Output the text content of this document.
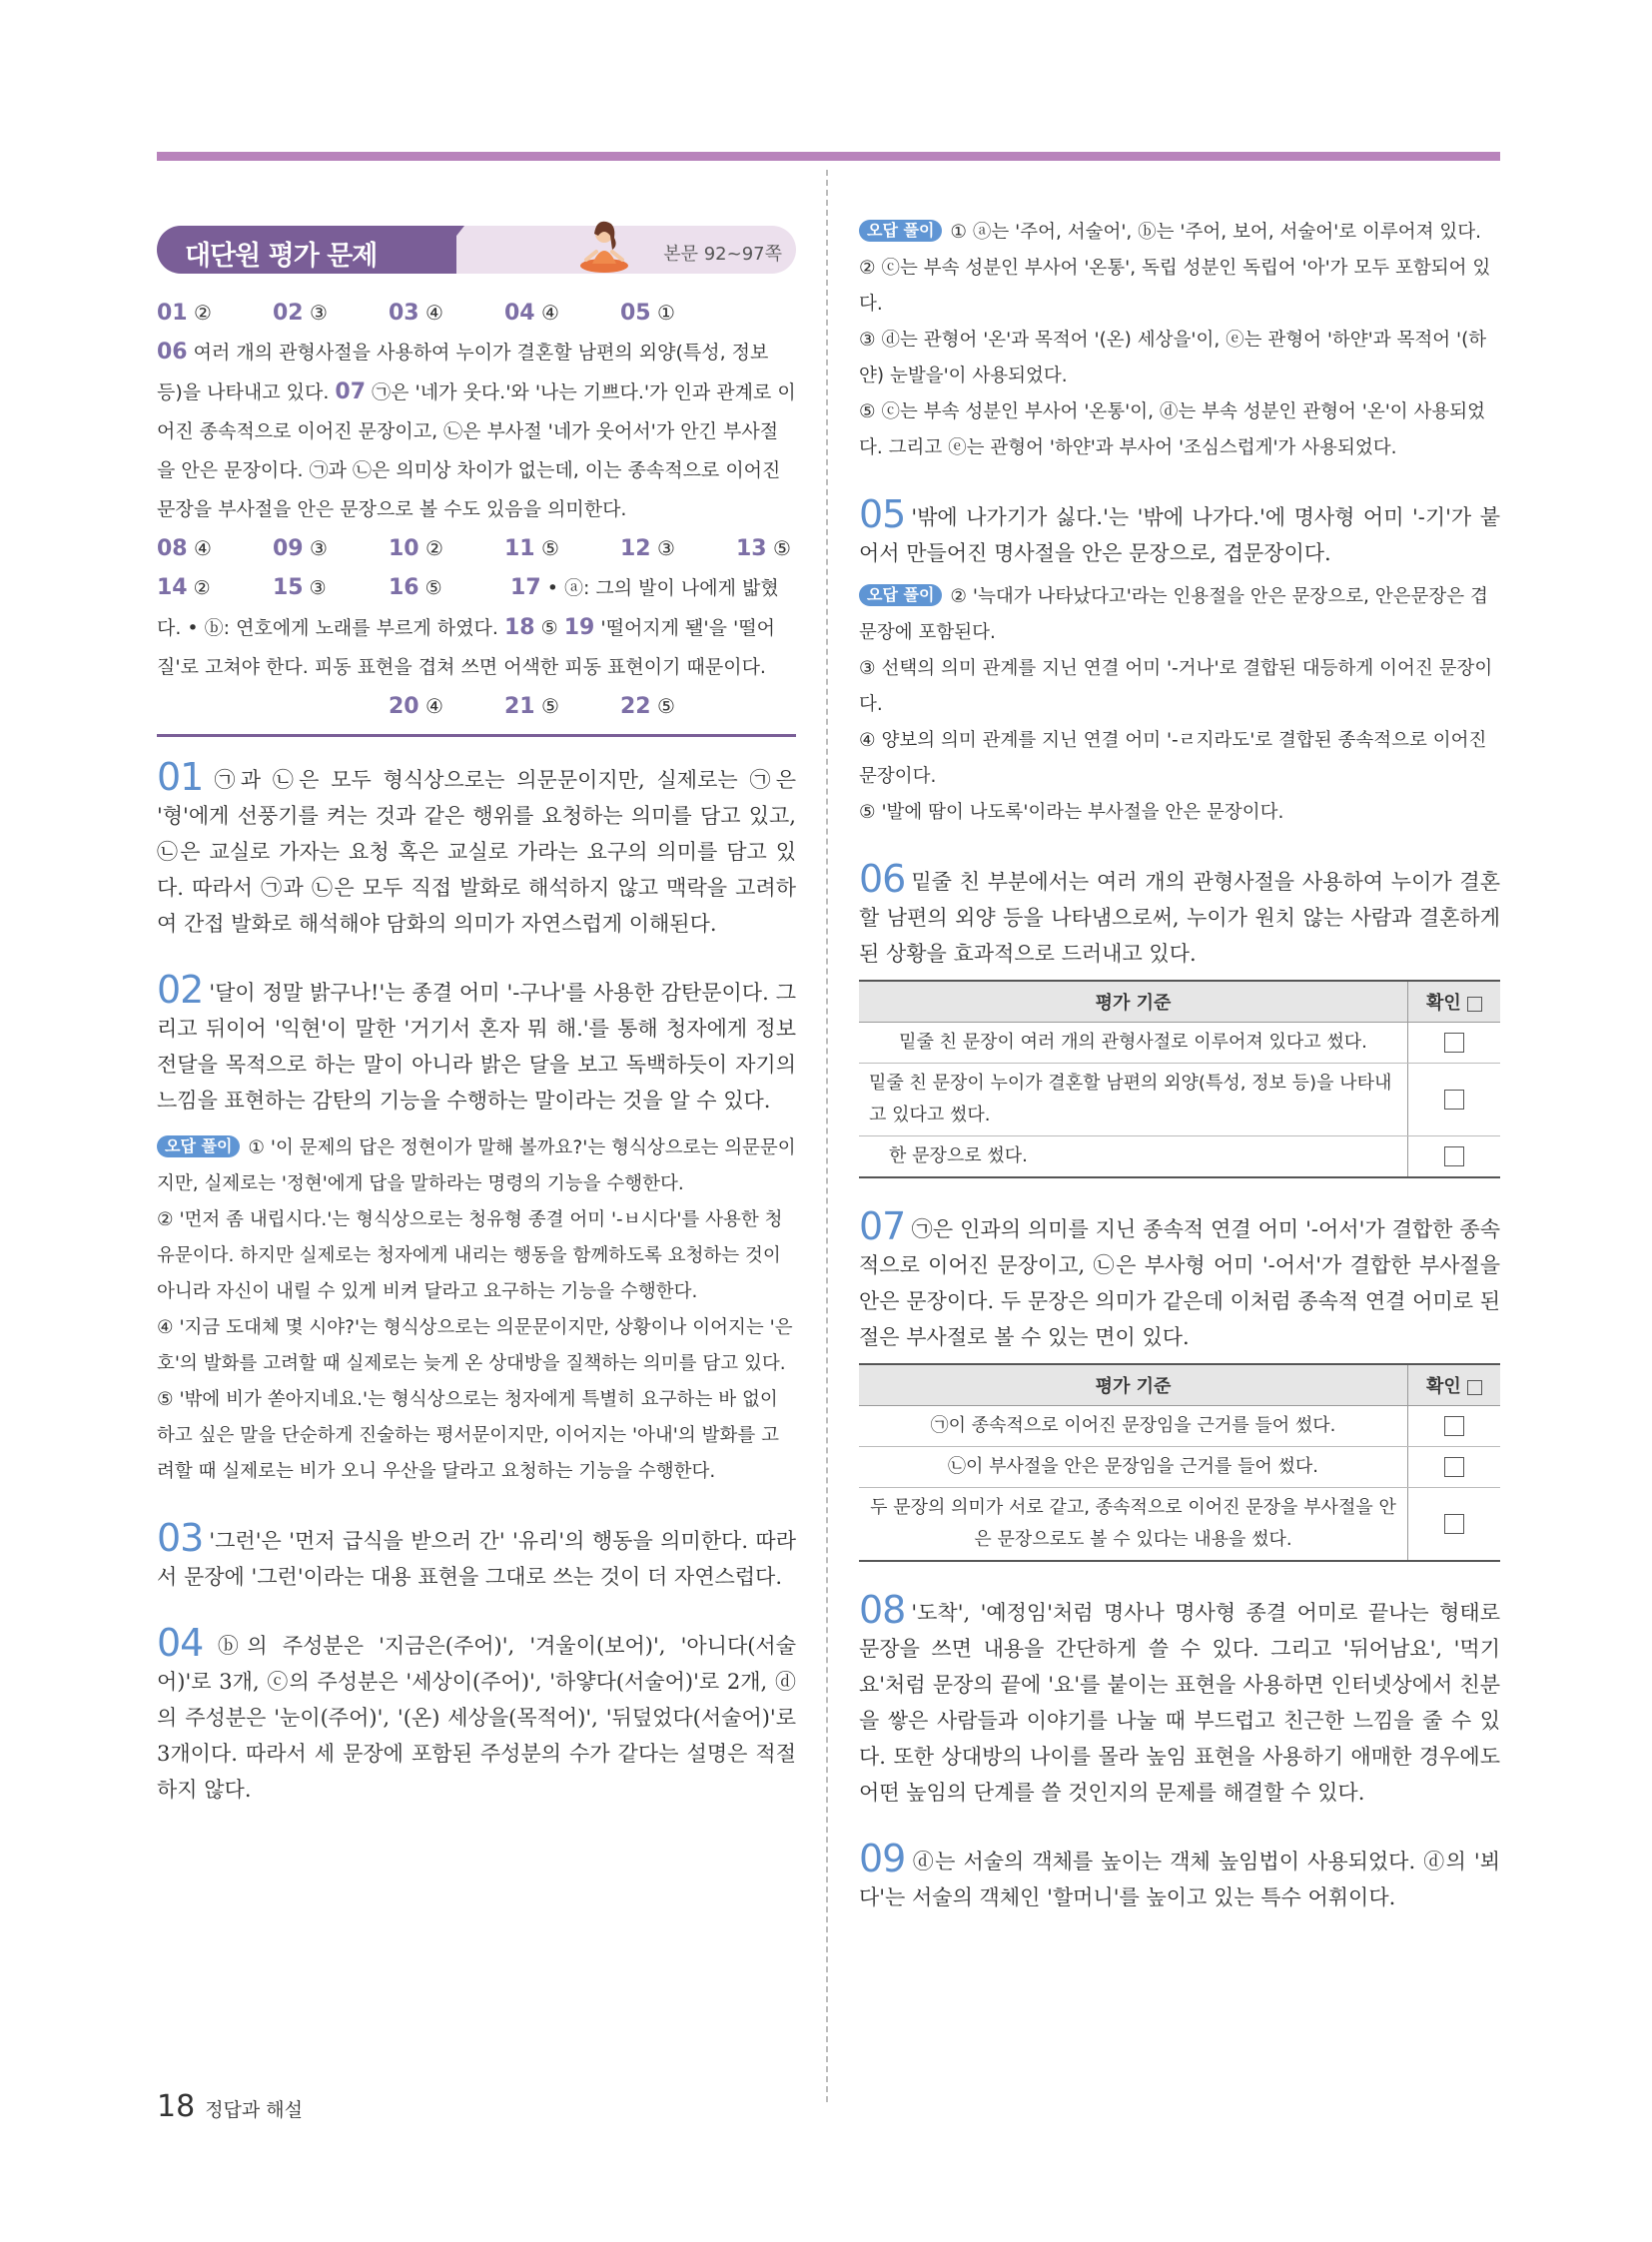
대단원 평가 문제	본문 92~97쪽
01 ②	02 ③	03 ④	04 ④	05 ①
06 여러 개의 관형사절을 사용하여 누이가 결혼할 남편의 외양(특성, 정보 등)을 나타내고 있다. 07 ㉠은 '네가 웃다.'와 '나는 기쁘다.'가 인과 관계로 이어진 종속적으로 이어진 문장이고, ㉡은 부사절 '네가 웃어서'가 안긴 부사절을 안은 문장이다. ㉠과 ㉡은 의미상 차이가 없는데, 이는 종속적으로 이어진 문장을 부사절을 안은 문장으로 볼 수도 있음을 의미한다.
08 ④	09 ③	10 ②	11 ⑤	12 ③	13 ⑤
14 ②	15 ③	16 ⑤	17 • ⓐ: 그의 발이 나에게 밟혔다. • ⓑ: 연호에게 노래를 부르게 하였다. 18 ⑤ 19 '떨어지게 됄'을 '떨어질'로 고쳐야 한다. 피동 표현을 겹쳐 쓰면 어색한 피동 표현이기 때문이다.
20 ④	21 ⑤	22 ⑤

01 ㉠과 ㉡은 모두 형식상으로는 의문문이지만, 실제로는 ㉠은 '형'에게 선풍기를 켜는 것과 같은 행위를 요청하는 의미를 담고 있고, ㉡은 교실로 가자는 요청 혹은 교실로 가라는 요구의 의미를 담고 있다. 따라서 ㉠과 ㉡은 모두 직접 발화로 해석하지 않고 맥락을 고려하여 간접 발화로 해석해야 담화의 의미가 자연스럽게 이해된다.

02 '달이 정말 밝구나!'는 종결 어미 '-구나'를 사용한 감탄문이다. 그리고 뒤이어 '익현'이 말한 '거기서 혼자 뭐 해.'를 통해 청자에게 정보 전달을 목적으로 하는 말이 아니라 밝은 달을 보고 독백하듯이 자기의 느낌을 표현하는 감탄의 기능을 수행하는 말이라는 것을 알 수 있다.

오답 풀이 ① '이 문제의 답은 정현이가 말해 볼까요?'는 형식상으로는 의문문이지만, 실제로는 '정현'에게 답을 말하라는 명령의 기능을 수행한다.

② '먼저 좀 내립시다.'는 형식상으로는 청유형 종결 어미 '-ㅂ시다'를 사용한 청유문이다. 하지만 실제로는 청자에게 내리는 행동을 함께하도록 요청하는 것이 아니라 자신이 내릴 수 있게 비켜 달라고 요구하는 기능을 수행한다.

④ '지금 도대체 몇 시야?'는 형식상으로는 의문문이지만, 상황이나 이어지는 '은호'의 발화를 고려할 때 실제로는 늦게 온 상대방을 질책하는 의미를 담고 있다.

⑤ '밖에 비가 쏟아지네요.'는 형식상으로는 청자에게 특별히 요구하는 바 없이 하고 싶은 말을 단순하게 진술하는 평서문이지만, 이어지는 '아내'의 발화를 고려할 때 실제로는 비가 오니 우산을 달라고 요청하는 기능을 수행한다.

03 '그런'은 '먼저 급식을 받으러 간' '유리'의 행동을 의미한다. 따라서 문장에 '그런'이라는 대용 표현을 그대로 쓰는 것이 더 자연스럽다.

04 ⓑ의 주성분은 '지금은(주어)', '겨울이(보어)', '아니다(서술어)'로 3개, ⓒ의 주성분은 '세상이(주어)', '하얗다(서술어)'로 2개, ⓓ의 주성분은 '눈이(주어)', '(온) 세상을(목적어)', '뒤덮었다(서술어)'로 3개이다. 따라서 세 문장에 포함된 주성분의 수가 같다는 설명은 적절하지 않다.

오답 풀이 ① ⓐ는 '주어, 서술어', ⓑ는 '주어, 보어, 서술어'로 이루어져 있다.

② ⓒ는 부속 성분인 부사어 '온통', 독립 성분인 독립어 '아'가 모두 포함되어 있다.

③ ⓓ는 관형어 '온'과 목적어 '(온) 세상을'이, ⓔ는 관형어 '하얀'과 목적어 '(하얀) 눈발을'이 사용되었다.

⑤ ⓒ는 부속 성분인 부사어 '온통'이, ⓓ는 부속 성분인 관형어 '온'이 사용되었다. 그리고 ⓔ는 관형어 '하얀'과 부사어 '조심스럽게'가 사용되었다.

05 '밖에 나가기가 싫다.'는 '밖에 나가다.'에 명사형 어미 '-기'가 붙어서 만들어진 명사절을 안은 문장으로, 겹문장이다.

오답 풀이 ② '늑대가 나타났다고'라는 인용절을 안은 문장으로, 안은문장은 겹문장에 포함된다.

③ 선택의 의미 관계를 지닌 연결 어미 '-거나'로 결합된 대등하게 이어진 문장이다.

④ 양보의 의미 관계를 지닌 연결 어미 '-ㄹ지라도'로 결합된 종속적으로 이어진 문장이다.

⑤ '발에 땀이 나도록'이라는 부사절을 안은 문장이다.

06 밑줄 친 부분에서는 여러 개의 관형사절을 사용하여 누이가 결혼할 남편의 외양 등을 나타냄으로써, 누이가 원치 않는 사람과 결혼하게 된 상황을 효과적으로 드러내고 있다.

평가 기준	확인
밑줄 친 문장이 여러 개의 관형사절로 이루어져 있다고 썼다.	
밑줄 친 문장이 누이가 결혼할 남편의 외양(특성, 정보 등)을 나타내고 있다고 썼다.	
한 문장으로 썼다.	

07 ㉠은 인과의 의미를 지닌 종속적 연결 어미 '-어서'가 결합한 종속적으로 이어진 문장이고, ㉡은 부사형 어미 '-어서'가 결합한 부사절을 안은 문장이다. 두 문장은 의미가 같은데 이처럼 종속적 연결 어미로 된 절은 부사절로 볼 수 있는 면이 있다.

평가 기준	확인
㉠이 종속적으로 이어진 문장임을 근거를 들어 썼다.	
㉡이 부사절을 안은 문장임을 근거를 들어 썼다.	
두 문장의 의미가 서로 같고, 종속적으로 이어진 문장을 부사절을 안은 문장으로도 볼 수 있다는 내용을 썼다.	

08 '도착', '예정임'처럼 명사나 명사형 종결 어미로 끝나는 형태로 문장을 쓰면 내용을 간단하게 쓸 수 있다. 그리고 '뒤어남요', '먹기요'처럼 문장의 끝에 '요'를 붙이는 표현을 사용하면 인터넷상에서 친분을 쌓은 사람들과 이야기를 나눌 때 부드럽고 친근한 느낌을 줄 수 있다. 또한 상대방의 나이를 몰라 높임 표현을 사용하기 애매한 경우에도 어떤 높임의 단계를 쓸 것인지의 문제를 해결할 수 있다.

09 ⓓ는 서술의 객체를 높이는 객체 높임법이 사용되었다. ⓓ의 '뵈다'는 서술의 객체인 '할머니'를 높이고 있는 특수 어휘이다.

18 정답과 해설
